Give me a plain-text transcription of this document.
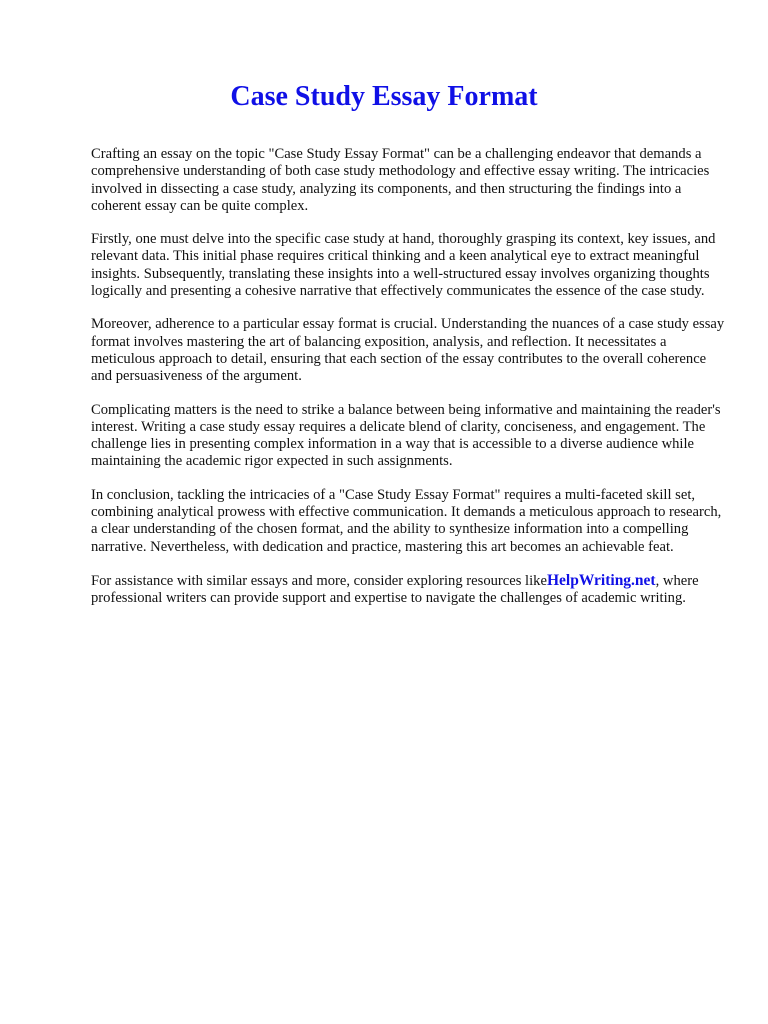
Case Study Essay Format

Crafting an essay on the topic "Case Study Essay Format" can be a challenging endeavor that demands a comprehensive understanding of both case study methodology and effective essay writing. The intricacies involved in dissecting a case study, analyzing its components, and then structuring the findings into a coherent essay can be quite complex.

Firstly, one must delve into the specific case study at hand, thoroughly grasping its context, key issues, and relevant data. This initial phase requires critical thinking and a keen analytical eye to extract meaningful insights. Subsequently, translating these insights into a well-structured essay involves organizing thoughts logically and presenting a cohesive narrative that effectively communicates the essence of the case study.

Moreover, adherence to a particular essay format is crucial. Understanding the nuances of a case study essay format involves mastering the art of balancing exposition, analysis, and reflection. It necessitates a meticulous approach to detail, ensuring that each section of the essay contributes to the overall coherence and persuasiveness of the argument.

Complicating matters is the need to strike a balance between being informative and maintaining the reader's interest. Writing a case study essay requires a delicate blend of clarity, conciseness, and engagement. The challenge lies in presenting complex information in a way that is accessible to a diverse audience while maintaining the academic rigor expected in such assignments.

In conclusion, tackling the intricacies of a "Case Study Essay Format" requires a multi-faceted skill set, combining analytical prowess with effective communication. It demands a meticulous approach to research, a clear understanding of the chosen format, and the ability to synthesize information into a compelling narrative. Nevertheless, with dedication and practice, mastering this art becomes an achievable feat.

For assistance with similar essays and more, consider exploring resources likeHelpWriting.net, where professional writers can provide support and expertise to navigate the challenges of academic writing.
